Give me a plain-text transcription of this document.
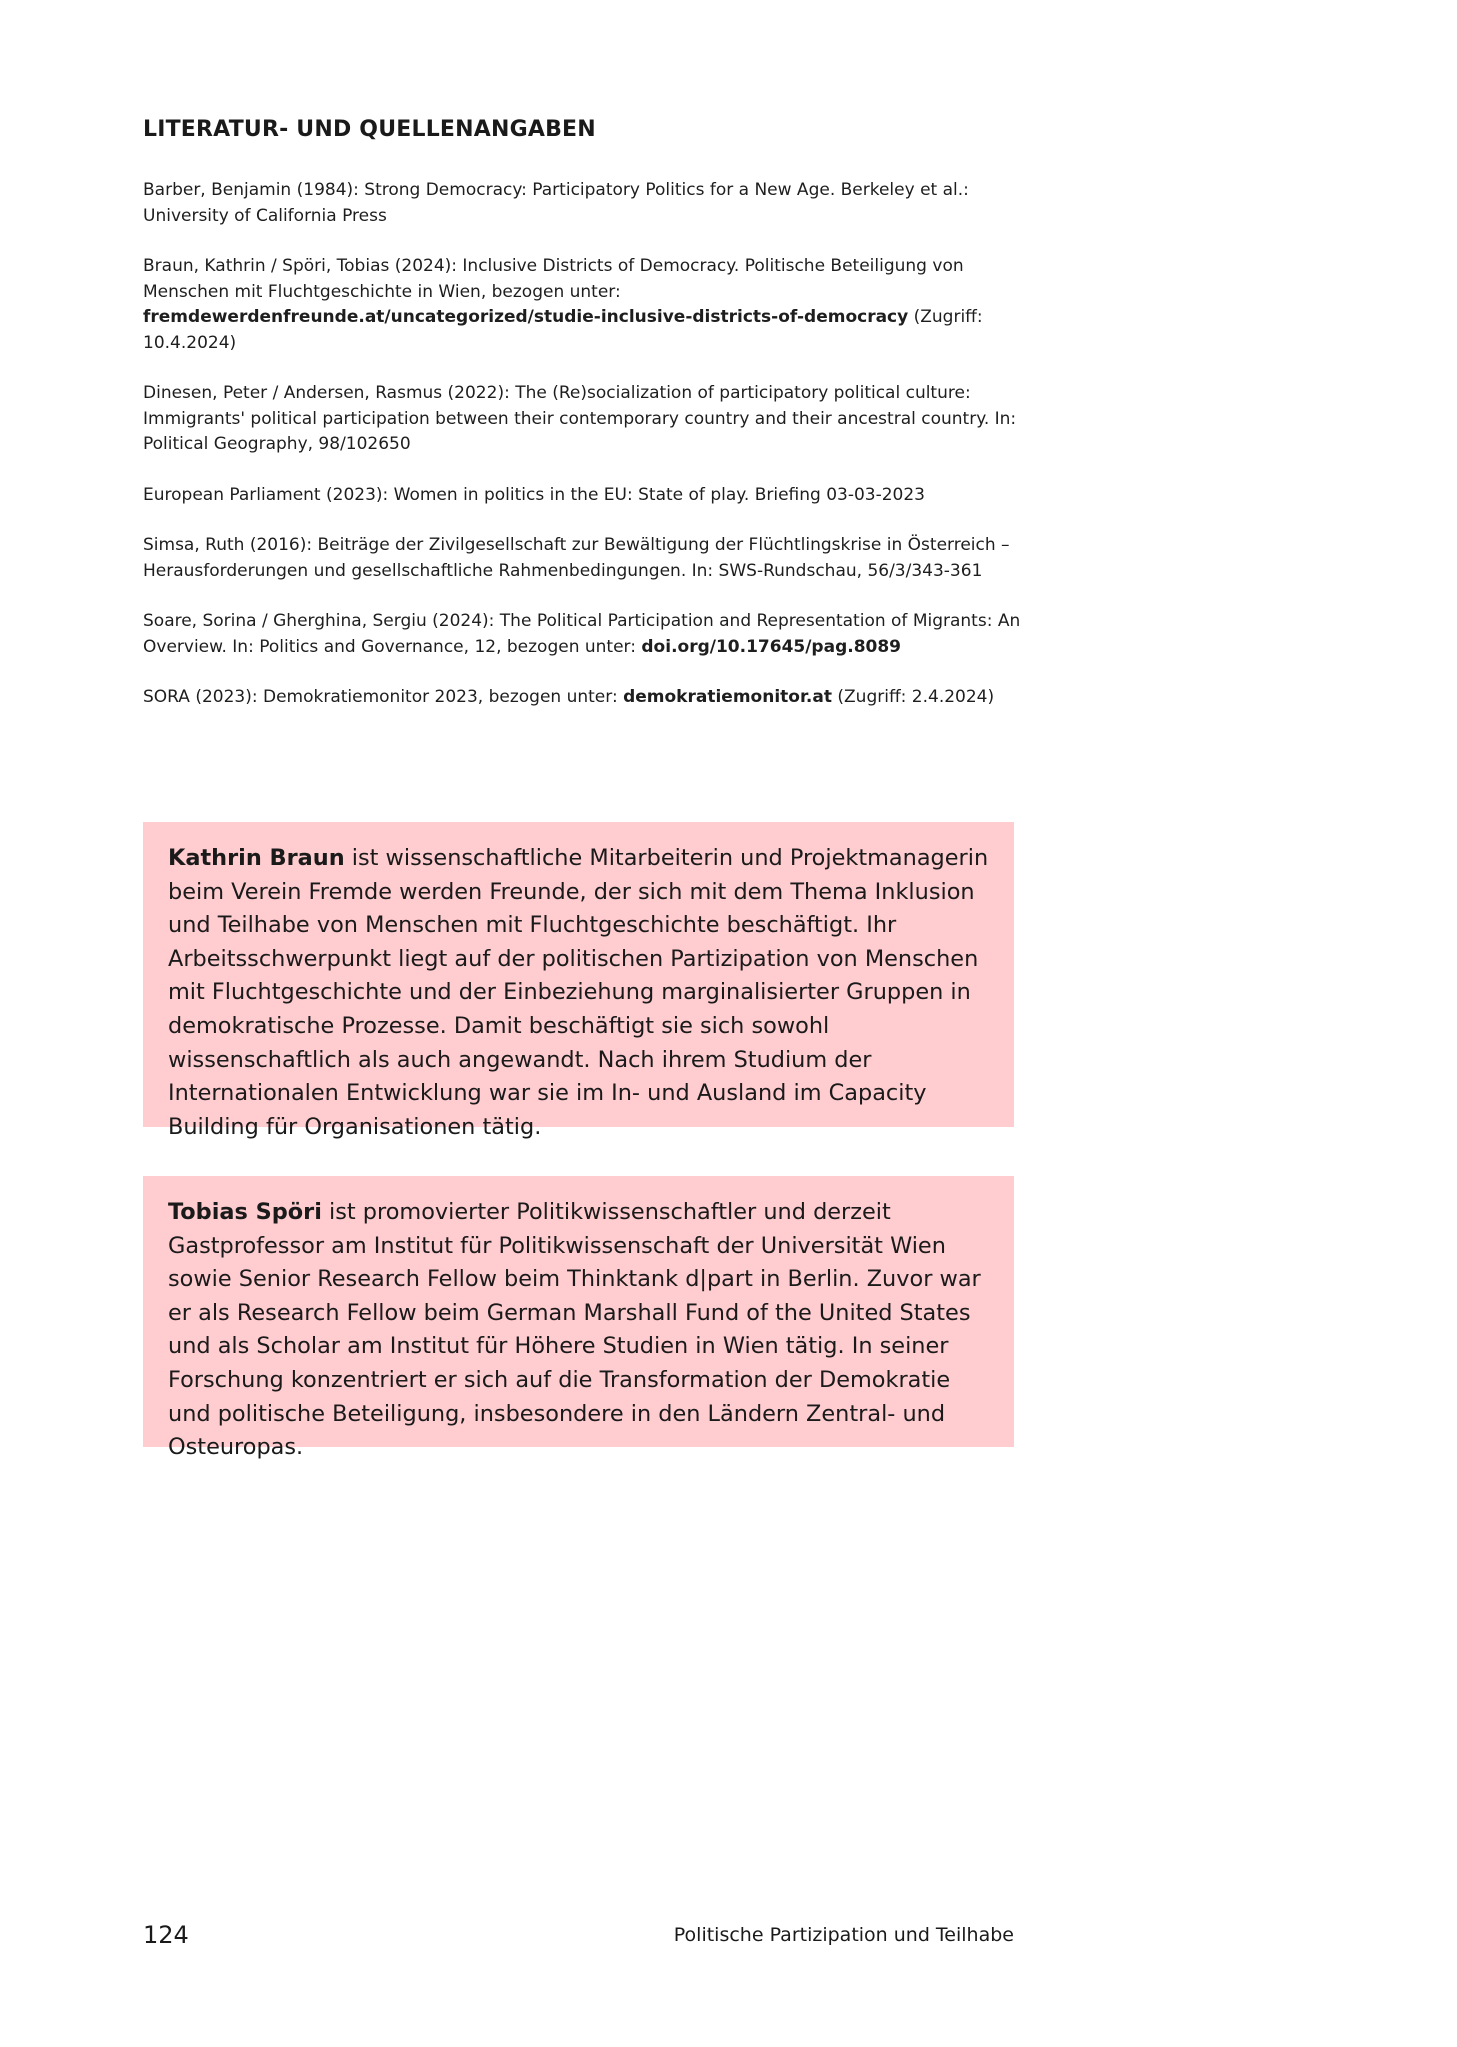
LITERATUR- UND QUELLENANGABEN

Barber, Benjamin (1984): Strong Democracy: Participatory Politics for a New Age. Berkeley et al.: University of California Press

Braun, Kathrin / Spöri, Tobias (2024): Inclusive Districts of Democracy. Politische Beteiligung von Menschen mit Fluchtgeschichte in Wien, bezogen unter: fremdewerdenfreunde.at/uncategorized/studie-inclusive-districts-of-democracy (Zugriff: 10.4.2024)

Dinesen, Peter / Andersen, Rasmus (2022): The (Re)socialization of participatory political culture: Immigrants' political participation between their contemporary country and their ancestral country. In: Political Geography, 98/102650

European Parliament (2023): Women in politics in the EU: State of play. Briefing 03-03-2023

Simsa, Ruth (2016): Beiträge der Zivilgesellschaft zur Bewältigung der Flüchtlingskrise in Österreich – Herausforderungen und gesellschaftliche Rahmenbedingungen. In: SWS-Rundschau, 56/3/343-361

Soare, Sorina / Gherghina, Sergiu (2024): The Political Participation and Representation of Migrants: An Overview. In: Politics and Governance, 12, bezogen unter: doi.org/10.17645/pag.8089

SORA (2023): Demokratiemonitor 2023, bezogen unter: demokratiemonitor.at (Zugriff: 2.4.2024)

Kathrin Braun ist wissenschaftliche Mitarbeiterin und Projektmanagerin beim Verein Fremde werden Freunde, der sich mit dem Thema Inklusion und Teilhabe von Menschen mit Fluchtgeschichte beschäftigt. Ihr Arbeitsschwerpunkt liegt auf der politischen Partizipation von Menschen mit Fluchtgeschichte und der Einbeziehung marginalisierter Gruppen in demokratische Prozesse. Damit beschäftigt sie sich sowohl wissenschaftlich als auch angewandt. Nach ihrem Studium der Internationalen Entwicklung war sie im In- und Ausland im Capacity Building für Organisationen tätig.

Tobias Spöri ist promovierter Politikwissenschaftler und derzeit Gastprofessor am Institut für Politikwissenschaft der Universität Wien sowie Senior Research Fellow beim Thinktank d|part in Berlin. Zuvor war er als Research Fellow beim German Marshall Fund of the United States und als Scholar am Institut für Höhere Studien in Wien tätig. In seiner Forschung konzentriert er sich auf die Transformation der Demokratie und politische Beteiligung, insbesondere in den Ländern Zentral- und Osteuropas.

124	Politische Partizipation und Teilhabe
